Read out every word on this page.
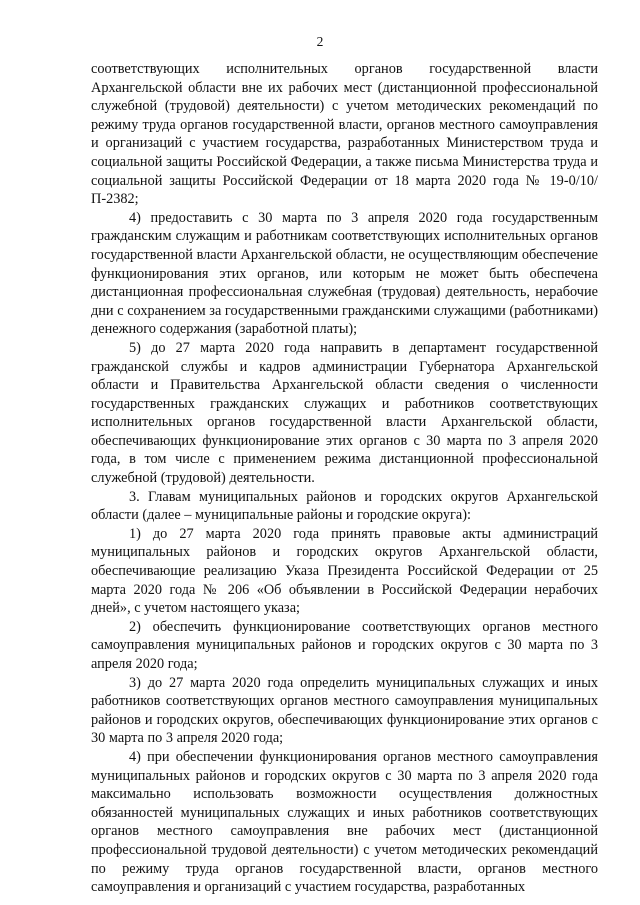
2

соответствующих исполнительных органов государственной власти Архангельской области вне их рабочих мест (дистанционной профессиональной служебной (трудовой) деятельности) с учетом методических рекомендаций по режиму труда органов государственной власти, органов местного самоуправления и организаций с участием государства, разработанных Министерством труда и социальной защиты Российской Федерации, а также письма Министерства труда и социальной защиты Российской Федерации от 18 марта 2020 года № 19-0/10/П-2382;

4) предоставить с 30 марта по 3 апреля 2020 года государственным гражданским служащим и работникам соответствующих исполнительных органов государственной власти Архангельской области, не осуществляющим обеспечение функционирования этих органов, или которым не может быть обеспечена дистанционная профессиональная служебная (трудовая) деятельность, нерабочие дни с сохранением за государственными гражданскими служащими (работниками) денежного содержания (заработной платы);

5) до 27 марта 2020 года направить в департамент государственной гражданской службы и кадров администрации Губернатора Архангельской области и Правительства Архангельской области сведения о численности государственных гражданских служащих и работников соответствующих исполнительных органов государственной власти Архангельской области, обеспечивающих функционирование этих органов с 30 марта по 3 апреля 2020 года, в том числе с применением режима дистанционной профессиональной служебной (трудовой) деятельности.

3. Главам муниципальных районов и городских округов Архангельской области (далее – муниципальные районы и городские округа):

1) до 27 марта 2020 года принять правовые акты администраций муниципальных районов и городских округов Архангельской области, обеспечивающие реализацию Указа Президента Российской Федерации от 25 марта 2020 года № 206 «Об объявлении в Российской Федерации нерабочих дней», с учетом настоящего указа;

2) обеспечить функционирование соответствующих органов местного самоуправления муниципальных районов и городских округов с 30 марта по 3 апреля 2020 года;

3) до 27 марта 2020 года определить муниципальных служащих и иных работников соответствующих органов местного самоуправления муниципальных районов и городских округов, обеспечивающих функционирование этих органов с 30 марта по 3 апреля 2020 года;

4) при обеспечении функционирования органов местного самоуправления муниципальных районов и городских округов с 30 марта по 3 апреля 2020 года максимально использовать возможности осуществления должностных обязанностей муниципальных служащих и иных работников соответствующих органов местного самоуправления вне рабочих мест (дистанционной профессиональной трудовой деятельности) с учетом методических рекомендаций по режиму труда органов государственной власти, органов местного самоуправления и организаций с участием государства, разработанных
